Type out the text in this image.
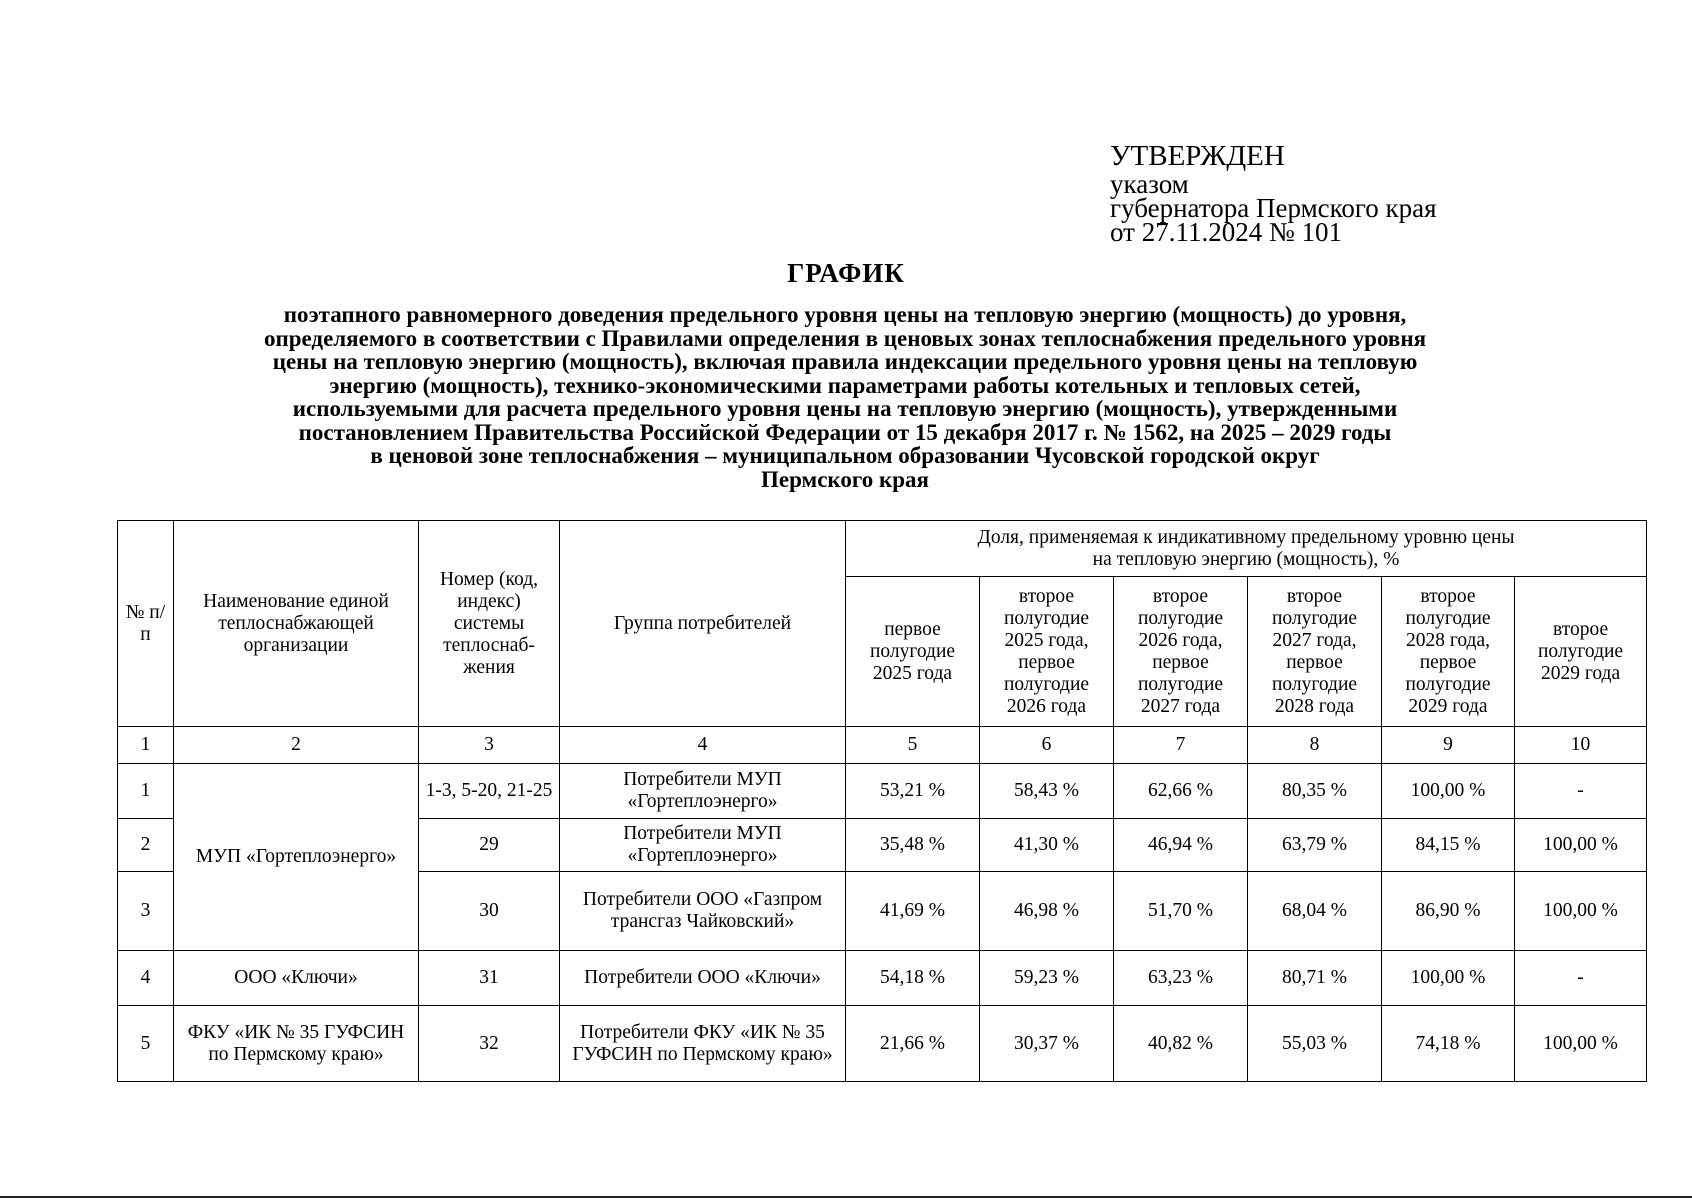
УТВЕРЖДЕН
указом
губернатора Пермского края
от 27.11.2024 № 101
ГРАФИК
поэтапного равномерного доведения предельного уровня цены на тепловую энергию (мощность) до уровня,
определяемого в соответствии с Правилами определения в ценовых зонах теплоснабжения предельного уровня
цены на тепловую энергию (мощность), включая правила индексации предельного уровня цены на тепловую
энергию (мощность), технико-экономическими параметрами работы котельных и тепловых сетей,
используемыми для расчета предельного уровня цены на тепловую энергию (мощность), утвержденными
постановлением Правительства Российской Федерации от 15 декабря 2017 г. № 1562, на 2025 – 2029 годы
в ценовой зоне теплоснабжения – муниципальном образовании Чусовской городской округ
Пермского края
№ п/п	Наименование единой теплоснабжающей организации	Номер (код, индекс) системы теплоснаб-жения	Группа потребителей	Доля, применяемая к индикативному предельному уровню цены
на тепловую энергию (мощность), %					

				первое полугодие 2025 года	второе полугодие 2025 года, первое полугодие 2026 года	второе полугодие 2026 года, первое полугодие 2027 года	второе полугодие 2027 года, первое полугодие 2028 года	второе полугодие 2028 года, первое полугодие 2029 года	второе полугодие 2029 года
1	2	3	4	5	6	7	8	9	10
1	МУП «Гортеплоэнерго»	1-3, 5-20, 21-25	Потребители МУП «Гортеплоэнерго»	53,21 %	58,43 %	62,66 %	80,35 %	100,00 %	-
2		29	Потребители МУП «Гортеплоэнерго»	35,48 %	41,30 %	46,94 %	63,79 %	84,15 %	100,00 %
3		30	Потребители ООО «Газпром трансгаз Чайковский»	41,69 %	46,98 %	51,70 %	68,04 %	86,90 %	100,00 %
4	ООО «Ключи»	31	Потребители ООО «Ключи»	54,18 %	59,23 %	63,23 %	80,71 %	100,00 %	-
5	ФКУ «ИК № 35 ГУФСИН по Пермскому краю»	32	Потребители ФКУ «ИК № 35 ГУФСИН по Пермскому краю»	21,66 %	30,37 %	40,82 %	55,03 %	74,18 %	100,00 %
